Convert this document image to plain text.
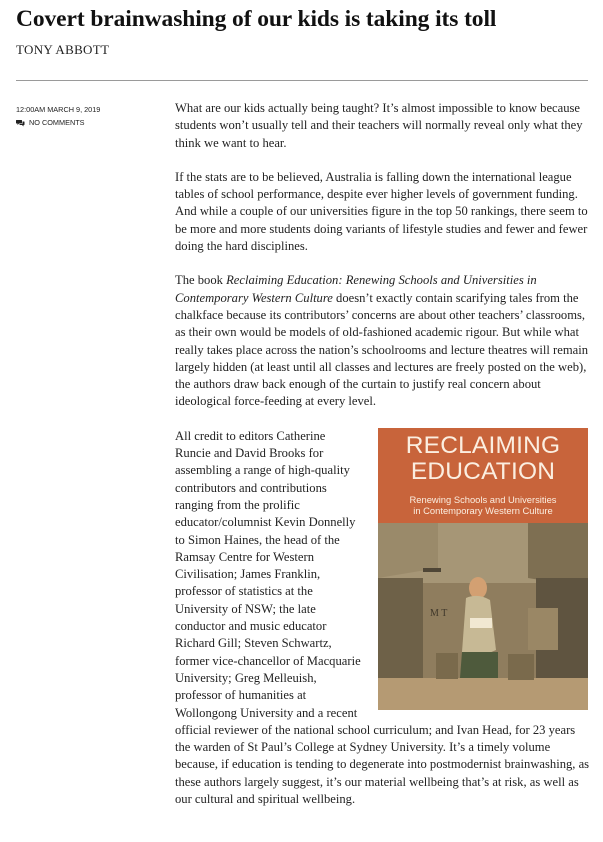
Covert brainwashing of our kids is taking its toll
TONY ABBOTT
12:00AM MARCH 9, 2019
NO COMMENTS

What are our kids actually being taught? It’s almost impossible to know because students won’t usually tell and their teachers will normally reveal only what they think we want to hear.

If the stats are to be believed, Australia is falling down the international league tables of school performance, despite ever higher levels of government funding. And while a couple of our universities figure in the top 50 rankings, there seem to be more and more students doing variants of lifestyle studies and fewer and fewer doing the hard disciplines.

The book Reclaiming Education: Renewing Schools and Universities in Contemporary Western Culture doesn’t exactly contain scarifying tales from the chalkface because its contributors’ concerns are about other teachers’ classrooms, as their own would be models of old-fashioned academic rigour. But while what really takes place across the nation’s schoolrooms and lecture theatres will remain largely hidden (at least until all classes and lectures are freely posted on the web), the authors draw back enough of the curtain to justify real concern about ideological force-feeding at every level.

M T
RECLAIMING
EDUCATION
Renewing Schools and Universities
in Contemporary Western Culture

All credit to editors Catherine Runcie and David Brooks for assembling a range of high-quality contributors and contributions ranging from the prolific educator/columnist Kevin Donnelly to Simon Haines, the head of the Ramsay Centre for Western Civilisation; James Franklin, professor of statistics at the University of NSW; the late conductor and music educator Richard Gill; Steven Schwartz, former vice-chancellor of Macquarie University; Greg Melleuish, professor of humanities at Wollongong University and a recent official reviewer of the national school curriculum; and Ivan Head, for 23 years the warden of St Paul’s College at Sydney University. It’s a timely volume because, if education is tending to degenerate into postmodernist brainwashing, as these authors largely suggest, it’s our material wellbeing that’s at risk, as well as our cultural and spiritual wellbeing.
